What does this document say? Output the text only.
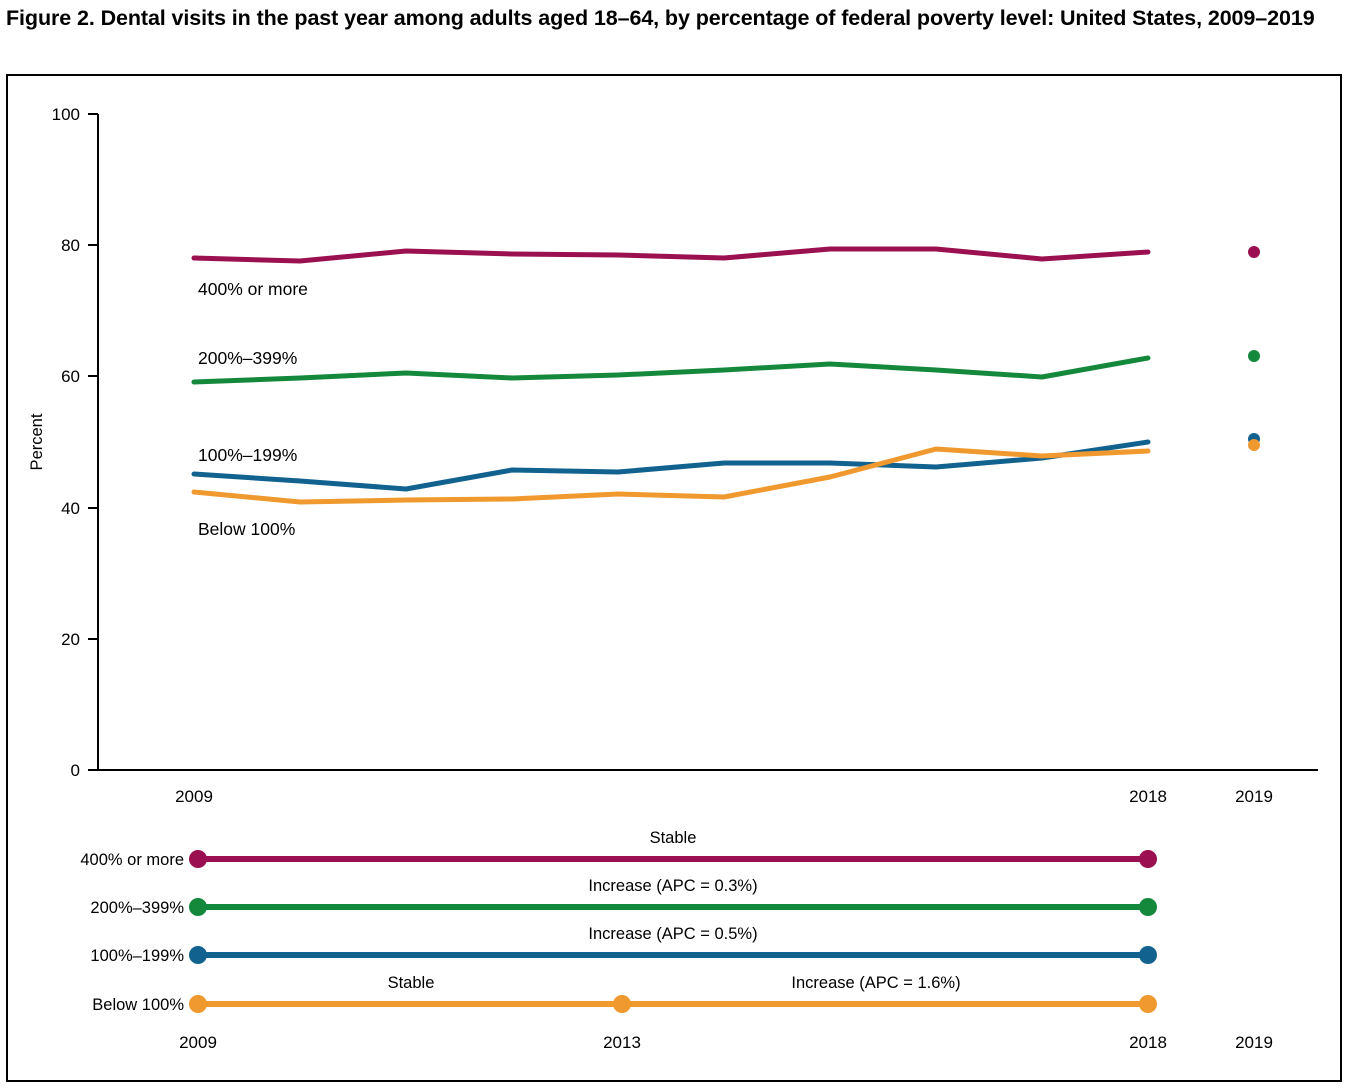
Figure 2. Dental visits in the past year among adults aged 18–64, by percentage of federal poverty level: United States, 2009–2019
100
80
60
40
20
0
Percent
2009	2018	2019
400% or more
200%–399%
100%–199%
Below 100%
400% or more
Stable
200%–399%
Increase (APC = 0.3%)
100%–199%
Increase (APC = 0.5%)
Below 100%
Stable	Increase (APC = 1.6%)
2009	2013	2018	2019
